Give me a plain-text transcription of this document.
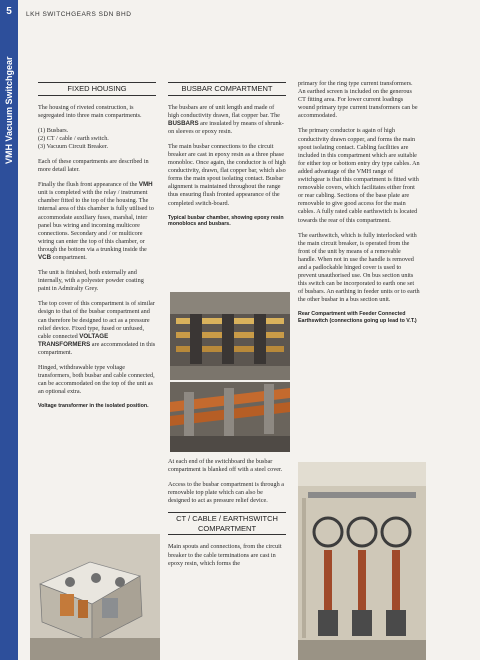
5
VMH Vacuum Switchgear
LKH SWITCHGEARS SDN BHD
FIXED HOUSING

The housing of riveted construction, is segregated into three main compartments.

(1) Busbars.
(2) CT / cable / earth switch.
(3) Vacuum Circuit Breaker.

Each of these compartments are described in more detail later.

Finally the flush front appearance of the VMH unit is completed with the relay / instrument chamber fitted to the top of the housing. The internal area of this chamber is fully utilised to accommodate auxiliary fuses, marshal, inter panel bus wiring and incoming multicore connections. Secondary and / or multicore wiring can enter the top of this chamber, or through the bottom via a trunking inside the VCB compartment.

The unit is finished, both externally and internally, with a polyester powder coating paint in Admiralty Grey.

The top cover of this compartment is of similar design to that of the busbar compartment and can therefore be designed to act as a pressure relief device. Fixed type, fused or unfused, cable connected VOLTAGE TRANSFORMERS are accommodated in this compartment.

Hinged, withdrawable type voltage transformers, both busbar and cable connected, can be accommodated on the top of the unit as an optional extra.

Voltage transformer in the isolated position.
BUSBAR COMPARTMENT

The busbars are of unit length and made of high conductivity drawn, flat copper bar. The BUSBARS are insulated by means of shrunk-on sleeves or epoxy resin.

The main busbar connections to the circuit breaker are cast in epoxy resin as a three phase monobloc. Once again, the conductor is of high conductivity, drawn, flat copper bar, which also forms the main spout isolating contact. Busbar alignment is maintained throughout the range thus ensuring flush fronted appearance of the completed switch-board.

Typical busbar chamber, showing epoxy resin monoblocs and busbars.

At each end of the switchboard the busbar compartment is blanked off with a steel cover.

Access to the busbar compartment is through a removable top plate which can also be designed to act as pressure relief device.

CT / CABLE / EARTHSWITCH COMPARTMENT

Main spouts and connections, from the circuit breaker to the cable terminations are cast in epoxy resin, which forms the

primary for the ring type current transformers. An earthed screen is included on the generous CT fitting area. For lower current loadings wound primary type current transformers can be accommodated.

The primary conductor is again of high conductivity drawn copper, and forms the main spout isolating contact. Cabling facilities are included in this compartment which are suitable for either top or bottom entry dry type cables. An added advantage of the VMH range of switchgear is that this compartment is fitted with removable covers, which facilitates either front or rear cabling. Sections of the base plate are removable to give good access for the main cables. A fully rated cable earthswitch is located towards the rear of this compartment.

The earthswitch, which is fully interlocked with the main circuit breaker, is operated from the front of the unit by means of a removable handle. When not in use the handle is removed and a padlockable hinged cover is used to prevent unauthorised use. On bus section units this switch can be incorporated to earth one set of busbars. An earthing in feeder units or to earth the other busbar in a bus section unit.

Rear Compartment with Feeder Connected Earthswitch (connections going up lead to V.T.)
